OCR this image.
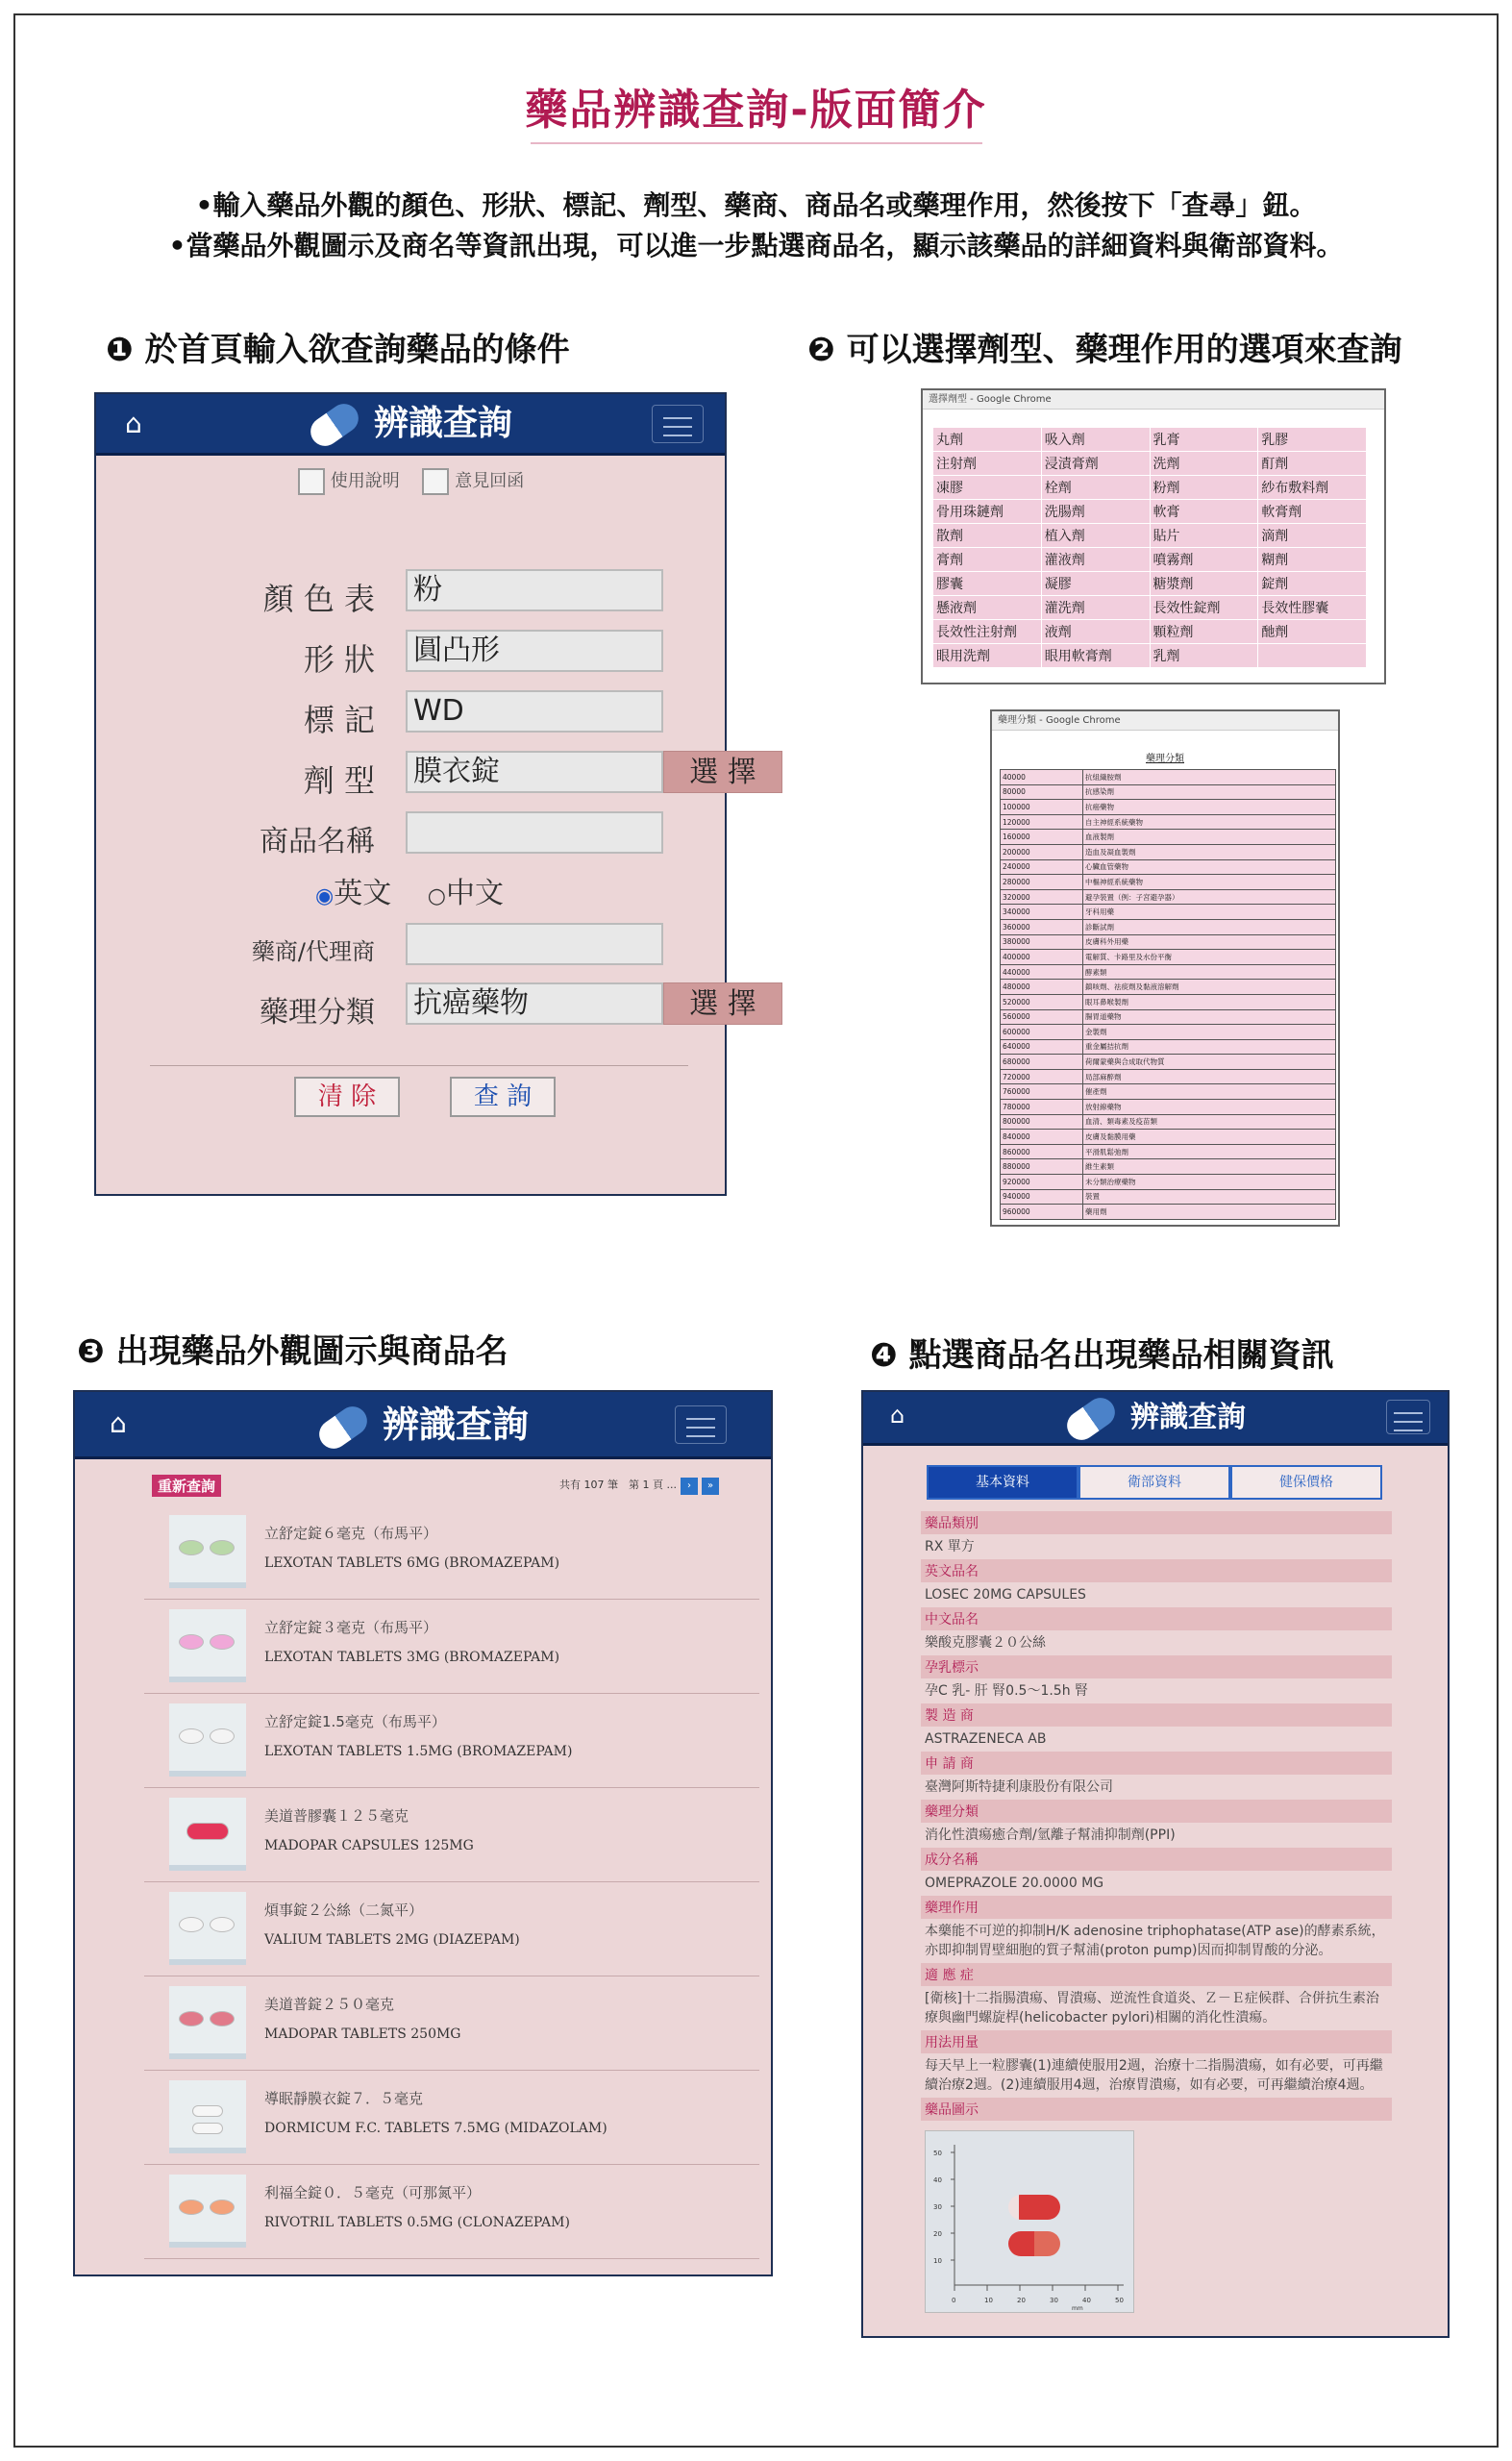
藥品辨識查詢-版面簡介
•輸入藥品外觀的顏色、形狀、標記、劑型、藥商、商品名或藥理作用，然後按下「查尋」鈕。
•當藥品外觀圖示及商名等資訊出現，可以進一步點選商品名，顯示該藥品的詳細資料與衛部資料。
❶ 於首頁輸入欲查詢藥品的條件	❷ 可以選擇劑型、藥理作用的選項來查詢
❸ 出現藥品外觀圖示與商品名	❹ 點選商品名出現藥品相關資訊
⌂	辨識查詢
使用說明	意見回函
顏 色 表 粉
形 狀 圓凸形
標 記 WD
劑 型 膜衣錠	選 擇
商品名稱
◉英文 ○中文
藥商/代理商
藥理分類 抗癌藥物	選 擇
清 除	查 詢
選擇劑型 - Google Chrome
丸劑	吸入劑	乳膏	乳膠
注射劑	浸漬膏劑	洗劑	酊劑
凍膠	栓劑	粉劑	紗布敷料劑
骨用珠鏈劑	洗腸劑	軟膏	軟膏劑
散劑	植入劑	貼片	滴劑
膏劑	灌液劑	噴霧劑	糊劑
膠囊	凝膠	糖漿劑	錠劑
懸液劑	灌洗劑	長效性錠劑	長效性膠囊
長效性注射劑	液劑	顆粒劑	酏劑
眼用洗劑	眼用軟膏劑	乳劑	
藥理分類 - Google Chrome
藥理分類
40000	抗組織胺劑
80000	抗感染劑
100000	抗癌藥物
120000	自主神經系統藥物
160000	血液製劑
200000	造血及凝血製劑
240000	心臟血管藥物
280000	中樞神經系統藥物
320000	避孕裝置（例：子宮避孕器）
340000	牙科用藥
360000	診斷試劑
380000	皮膚科外用藥
400000	電解質、卡路里及水份平衡
440000	酵素類
480000	鎮咳劑、祛痰劑及黏液溶解劑
520000	眼耳鼻喉製劑
560000	腸胃道藥物
600000	金製劑
640000	重金屬拮抗劑
680000	荷爾蒙藥與合成取代物質
720000	局部麻醉劑
760000	催產劑
780000	放射線藥物
800000	血清、類毒素及疫苗類
840000	皮膚及黏膜用藥
860000	平滑肌鬆弛劑
880000	維生素類
920000	未分類治療藥物
940000	裝置
960000	藥用劑
⌂	辨識查詢
重新查詢	共有 107 筆　第 1 頁 ... › »
立舒定錠６毫克（布馬平）
LEXOTAN TABLETS 6MG (BROMAZEPAM)
立舒定錠３毫克（布馬平）
LEXOTAN TABLETS 3MG (BROMAZEPAM)
立舒定錠1.5毫克（布馬平）
LEXOTAN TABLETS 1.5MG (BROMAZEPAM)
美道普膠囊１２５毫克
MADOPAR CAPSULES 125MG
煩事錠２公絲（二氮平）
VALIUM TABLETS 2MG (DIAZEPAM)
美道普錠２５０毫克
MADOPAR TABLETS 250MG
導眠靜膜衣錠７．５毫克
DORMICUM F.C. TABLETS 7.5MG (MIDAZOLAM)
利福全錠０．５毫克（可那氮平）
RIVOTRIL TABLETS 0.5MG (CLONAZEPAM)
⌂	辨識查詢
基本資料	衛部資料	健保價格
藥品類別
RX 單方
英文品名
LOSEC 20MG CAPSULES
中文品名
樂酸克膠囊２０公絲
孕乳標示
孕C 乳- 肝 腎0.5～1.5h 腎
製 造 商
ASTRAZENECA AB
申 請 商
臺灣阿斯特捷利康股份有限公司
藥理分類
消化性潰瘍癒合劑/氫離子幫浦抑制劑(PPI)
成分名稱
OMEPRAZOLE 20.0000 MG
藥理作用
本藥能不可逆的抑制H/K adenosine triphophatase(ATP ase)的酵素系統，亦即抑制胃壁細胞的質子幫浦(proton pump)因而抑制胃酸的分泌。
適 應 症
[衛核]十二指腸潰瘍、胃潰瘍、逆流性食道炎、Ｚ－Ｅ症候群、合併抗生素治療與幽門螺旋桿(helicobacter pylori)相關的消化性潰瘍。
用法用量
每天早上一粒膠囊(1)連續使服用2週，治療十二指腸潰瘍，如有必要，可再繼續治療2週。(2)連續服用4週，治療胃潰瘍，如有必要，可再繼續治療4週。
藥品圖示
50
40
30
20
10
0	10	20	30	40	50
mm
